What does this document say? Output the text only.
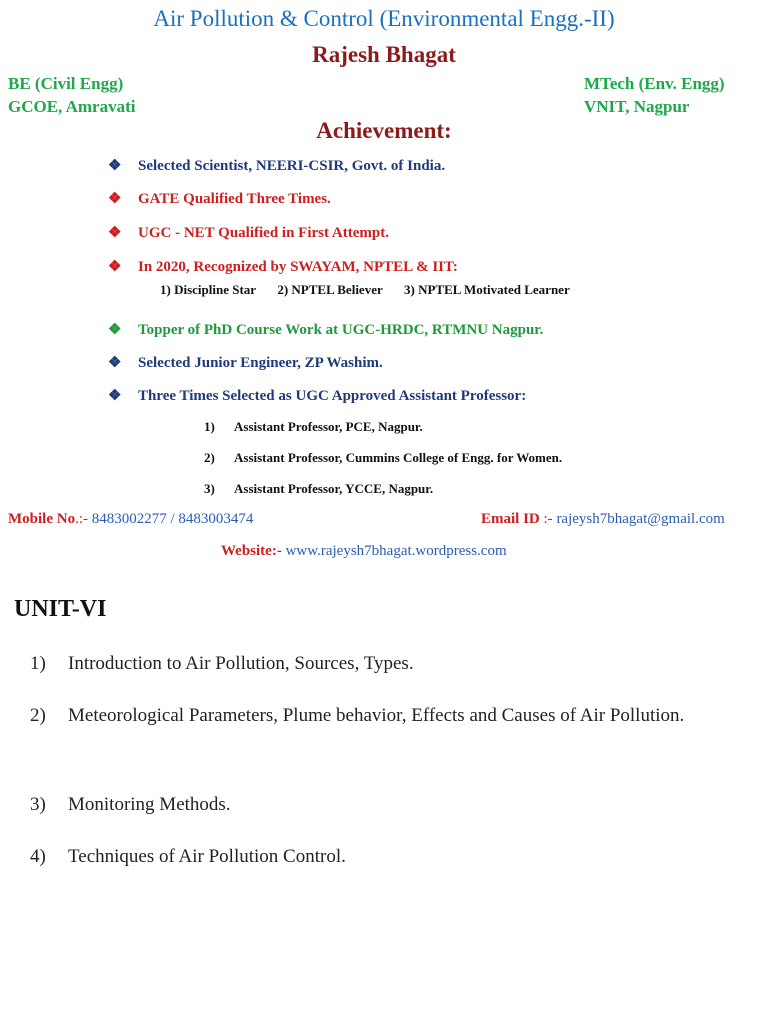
Air Pollution & Control (Environmental Engg.-II)
Rajesh Bhagat
BE (Civil Engg)
GCOE, Amravati
MTech (Env. Engg)
VNIT, Nagpur
Achievement:
❖ Selected Scientist, NEERI-CSIR, Govt. of India.
❖ GATE Qualified Three Times.
❖ UGC - NET Qualified in First Attempt.
❖ In 2020, Recognized by SWAYAM, NPTEL & IIT:
1) Discipline Star 2) NPTEL Believer 3) NPTEL Motivated Learner
❖ Topper of PhD Course Work at UGC-HRDC, RTMNU Nagpur.
❖ Selected Junior Engineer, ZP Washim.
❖ Three Times Selected as UGC Approved Assistant Professor:
1) Assistant Professor, PCE, Nagpur.
2) Assistant Professor, Cummins College of Engg. for Women.
3) Assistant Professor, YCCE, Nagpur.
Mobile No.:- 8483002277 / 8483003474	Email ID :- rajeysh7bhagat@gmail.com
Website:- www.rajeysh7bhagat.wordpress.com
UNIT-VI
1) Introduction to Air Pollution, Sources, Types.
2) Meteorological Parameters, Plume behavior, Effects and Causes of Air Pollution.
3) Monitoring Methods.
4) Techniques of Air Pollution Control.
